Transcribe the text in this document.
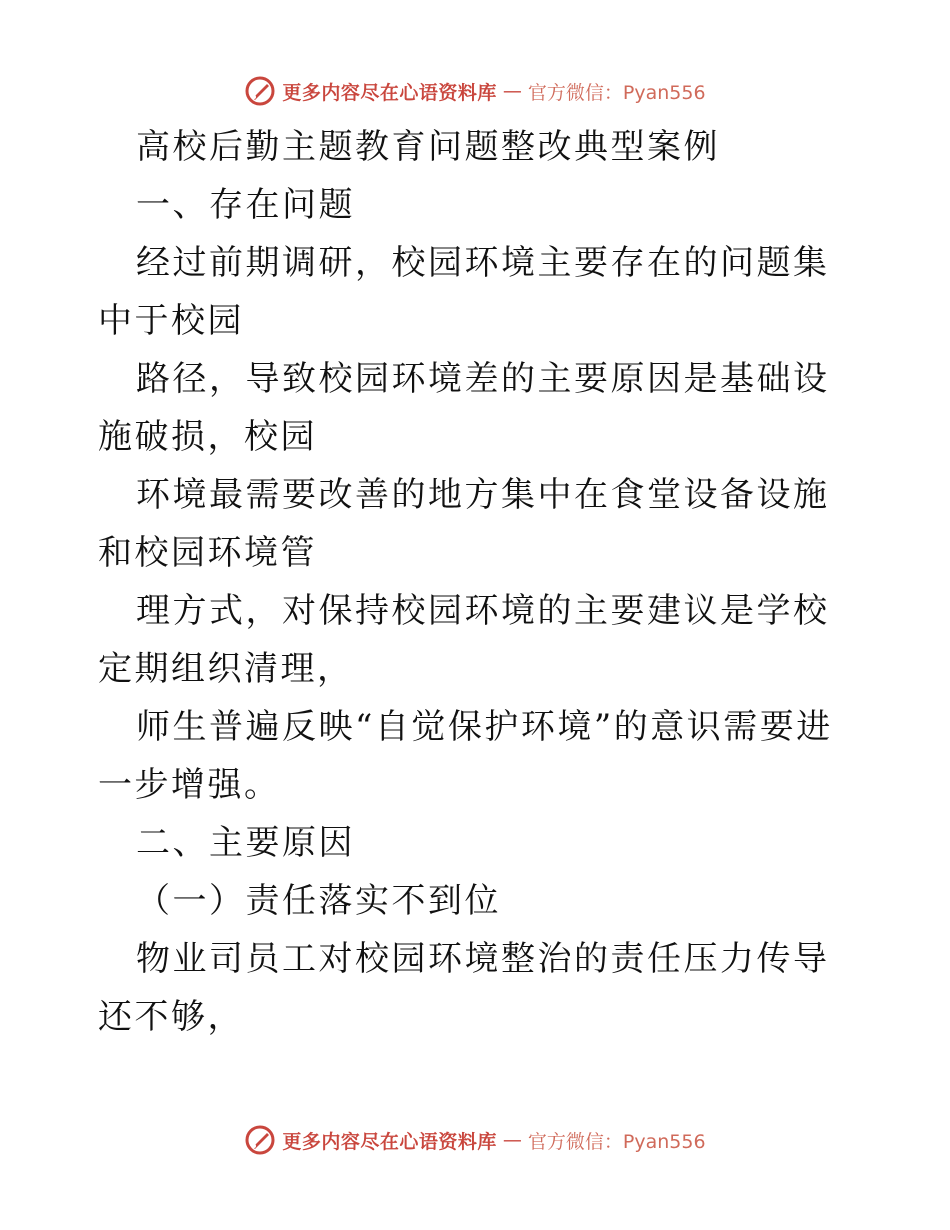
更多内容尽在心语资料库 — 官方微信：Pyan556

高校后勤主题教育问题整改典型案例

一、存在问题

经过前期调研，校园环境主要存在的问题集中于校园

路径，导致校园环境差的主要原因是基础设施破损，校园

环境最需要改善的地方集中在食堂设备设施和校园环境管

理方式，对保持校园环境的主要建议是学校定期组织清理，

师生普遍反映“自觉保护环境”的意识需要进一步增强。

二、主要原因

（一）责任落实不到位

物业司员工对校园环境整治的责任压力传导还不够，

更多内容尽在心语资料库 — 官方微信：Pyan556
